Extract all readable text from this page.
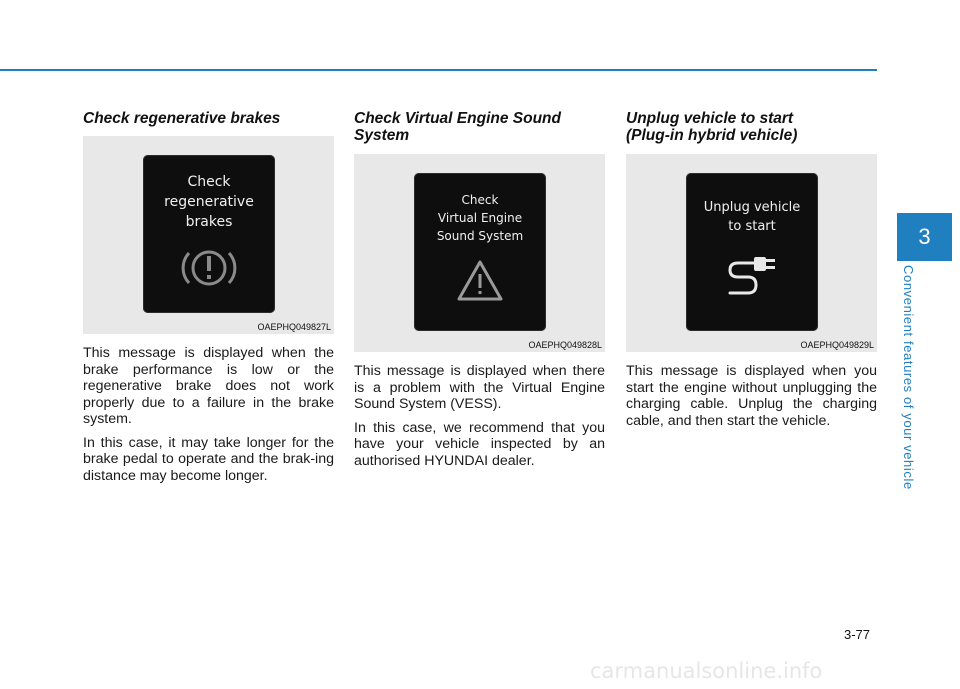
Check regenerative brakes
Check
regenerative
brakes
OAEPHQ049827L

This message is displayed when the brake performance is low or the regenerative brake does not work properly due to a failure in the brake system.

In this case, it may take longer for the brake pedal to operate and the brak-ing distance may become longer.

Check Virtual Engine Sound
System
Check
Virtual Engine
Sound System
OAEPHQ049828L

This message is displayed when there is a problem with the Virtual Engine Sound System (VESS).

In this case, we recommend that you have your vehicle inspected by an authorised HYUNDAI dealer.

Unplug vehicle to start
(Plug-in hybrid vehicle)
Unplug vehicle
to start
OAEPHQ049829L

This message is displayed when you start the engine without unplugging the charging cable. Unplug the charging cable, and then start the vehicle.

3
Convenient features of your vehicle
3-77
carmanualsonline.info
